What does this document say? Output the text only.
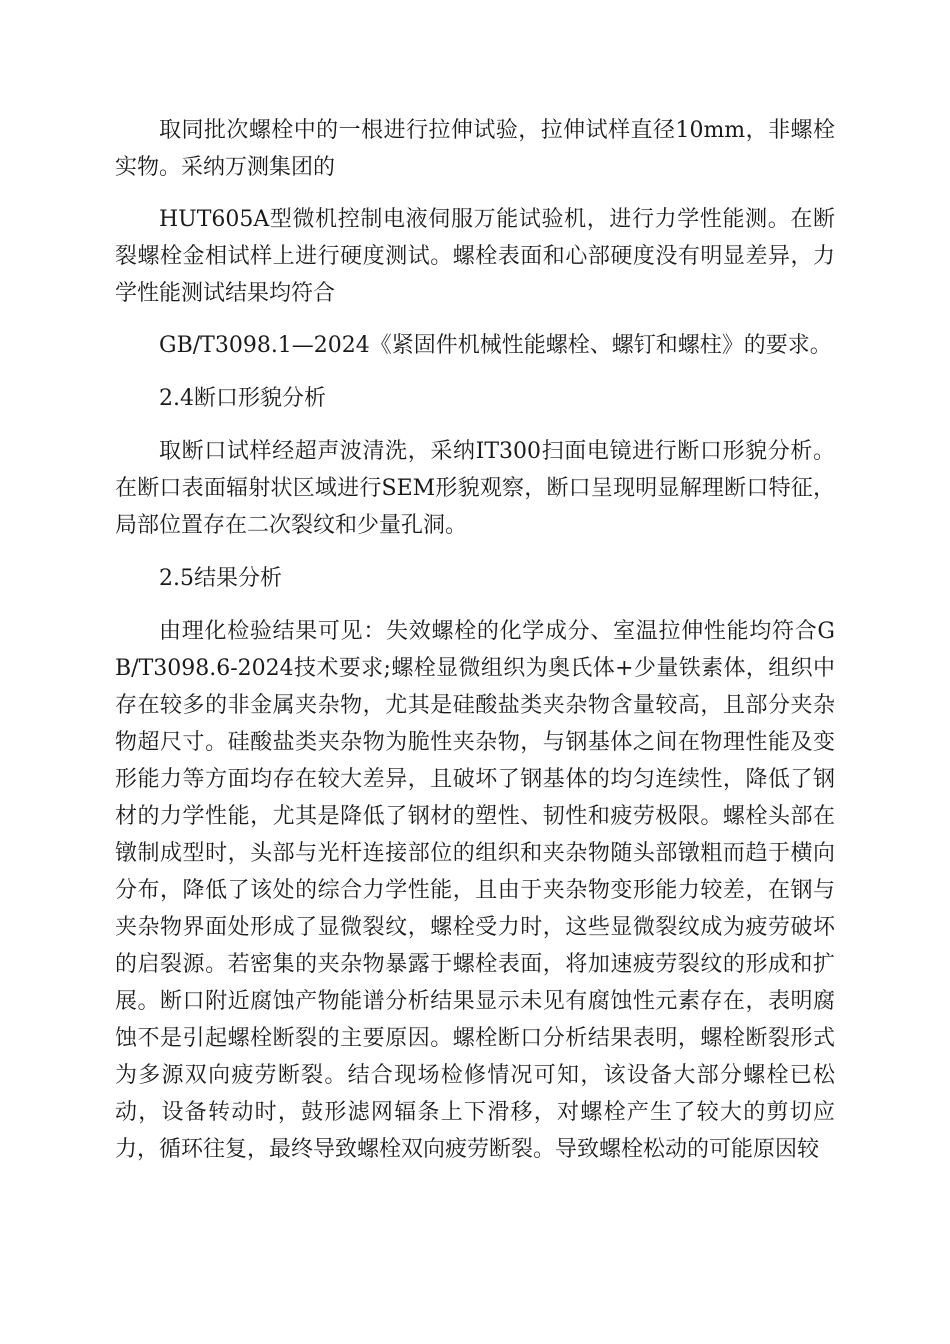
取同批次螺栓中的一根进行拉伸试验，拉伸试样直径10mm，非螺栓实物。采纳万测集团的

HUT605A型微机控制电液伺服万能试验机，进行力学性能测。在断裂螺栓金相试样上进行硬度测试。螺栓表面和心部硬度没有明显差异，力学性能测试结果均符合

GB/T3098.1—2024《紧固件机械性能螺栓、螺钉和螺柱》的要求。

2.4断口形貌分析

取断口试样经超声波清洗，采纳IT300扫面电镜进行断口形貌分析。在断口表面辐射状区域进行SEM形貌观察，断口呈现明显解理断口特征，局部位置存在二次裂纹和少量孔洞。

2.5结果分析

由理化检验结果可见：失效螺栓的化学成分、室温拉伸性能均符合GB/T3098.6-2024技术要求;螺栓显微组织为奥氏体+少量铁素体，组织中存在较多的非金属夹杂物，尤其是硅酸盐类夹杂物含量较高，且部分夹杂物超尺寸。硅酸盐类夹杂物为脆性夹杂物，与钢基体之间在物理性能及变形能力等方面均存在较大差异，且破坏了钢基体的均匀连续性，降低了钢材的力学性能，尤其是降低了钢材的塑性、韧性和疲劳极限。螺栓头部在镦制成型时，头部与光杆连接部位的组织和夹杂物随头部镦粗而趋于横向分布，降低了该处的综合力学性能，且由于夹杂物变形能力较差，在钢与夹杂物界面处形成了显微裂纹，螺栓受力时，这些显微裂纹成为疲劳破坏的启裂源。若密集的夹杂物暴露于螺栓表面，将加速疲劳裂纹的形成和扩展。断口附近腐蚀产物能谱分析结果显示未见有腐蚀性元素存在，表明腐蚀不是引起螺栓断裂的主要原因。螺栓断口分析结果表明，螺栓断裂形式为多源双向疲劳断裂。结合现场检修情况可知，该设备大部分螺栓已松动，设备转动时，鼓形滤网辐条上下滑移，对螺栓产生了较大的剪切应力，循环往复，最终导致螺栓双向疲劳断裂。导致螺栓松动的可能原因较
